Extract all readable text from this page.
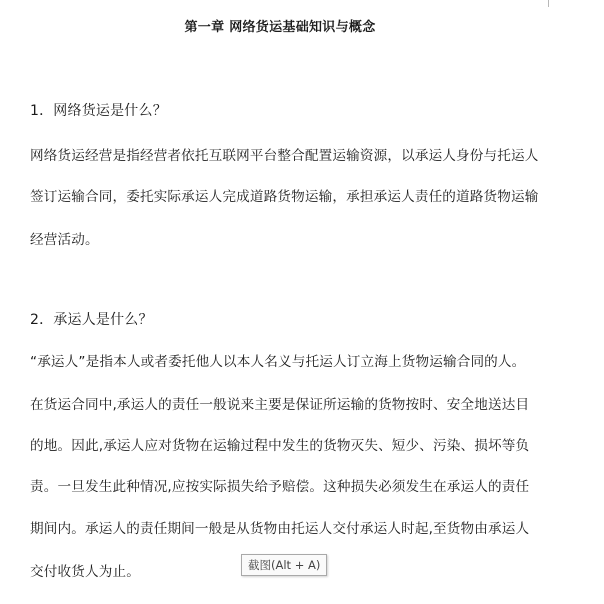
第一章 网络货运基础知识与概念
1．网络货运是什么？
网络货运经营是指经营者依托互联网平台整合配置运输资源，以承运人身份与托运人
签订运输合同，委托实际承运人完成道路货物运输，承担承运人责任的道路货物运输
经营活动。
2．承运人是什么？
“承运人”是指本人或者委托他人以本人名义与托运人订立海上货物运输合同的人。
在货运合同中,承运人的责任一般说来主要是保证所运输的货物按时、安全地送达目
的地。因此,承运人应对货物在运输过程中发生的货物灭失、短少、污染、损坏等负
责。一旦发生此种情况,应按实际损失给予赔偿。这种损失必须发生在承运人的责任
期间内。承运人的责任期间一般是从货物由托运人交付承运人时起,至货物由承运人
交付收货人为止。	截图(Alt + A)
